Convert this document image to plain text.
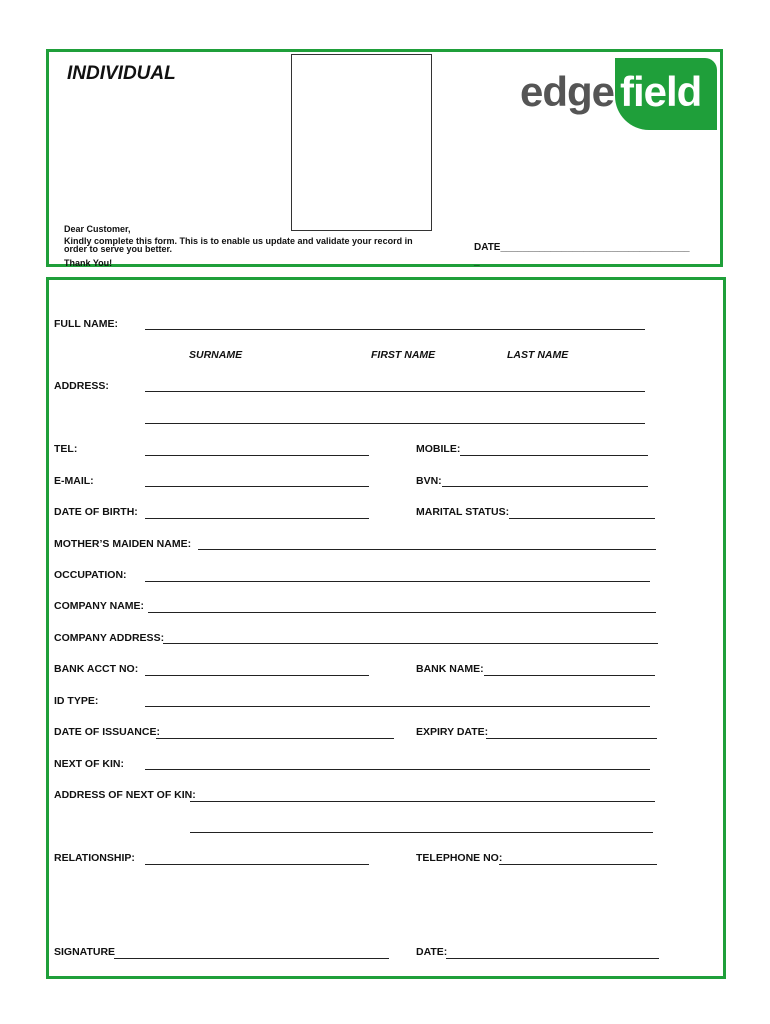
INDIVIDUAL	edge field
Dear Customer,
Kindly complete this form. This is to enable us update and validate your record in
order to serve you better.
Thank You!
DATE__________________________________
_
FULL NAME:
SURNAME	FIRST NAME	LAST NAME
ADDRESS:
TEL:	MOBILE:
E-MAIL:	BVN:
DATE OF BIRTH:	MARITAL STATUS:
MOTHER’S MAIDEN NAME:
OCCUPATION:
COMPANY NAME:
COMPANY ADDRESS:
BANK ACCT NO:	BANK NAME:
ID TYPE:
DATE OF ISSUANCE:	EXPIRY DATE:
NEXT OF KIN:
ADDRESS OF NEXT OF KIN:
RELATIONSHIP:	TELEPHONE NO:
SIGNATURE	DATE:
